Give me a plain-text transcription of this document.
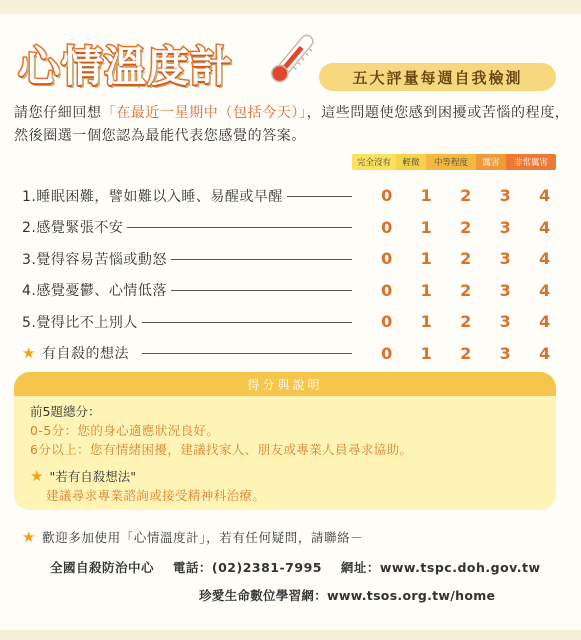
心情溫度計	五大評量每週自我檢測
請您仔細回想「在最近一星期中（包括今天）」，這些問題使您感到困擾或苦惱的程度，然後圈選一個您認為最能代表您感覺的答案。
完全沒有	輕微	中等程度	厲害	非常厲害
1.睡眠困難，譬如難以入睡、易醒或早醒	0	1	2	3	4
2.感覺緊張不安	0	1	2	3	4
3.覺得容易苦惱或動怒	0	1	2	3	4
4.感覺憂鬱、心情低落	0	1	2	3	4
5.覺得比不上別人	0	1	2	3	4
★ 有自殺的想法	0	1	2	3	4
得分與說明
前5題總分：
0-5分：您的身心適應狀況良好。
6分以上：您有情緒困擾，建議找家人、朋友或專業人員尋求協助。
★ "若有自殺想法"
建議尋求專業諮詢或接受精神科治療。
★ 歡迎多加使用「心情溫度計」，若有任何疑問，請聯絡－
全國自殺防治中心 電話：(02)2381-7995 網址：www.tspc.doh.gov.tw
珍愛生命數位學習網：www.tsos.org.tw/home
